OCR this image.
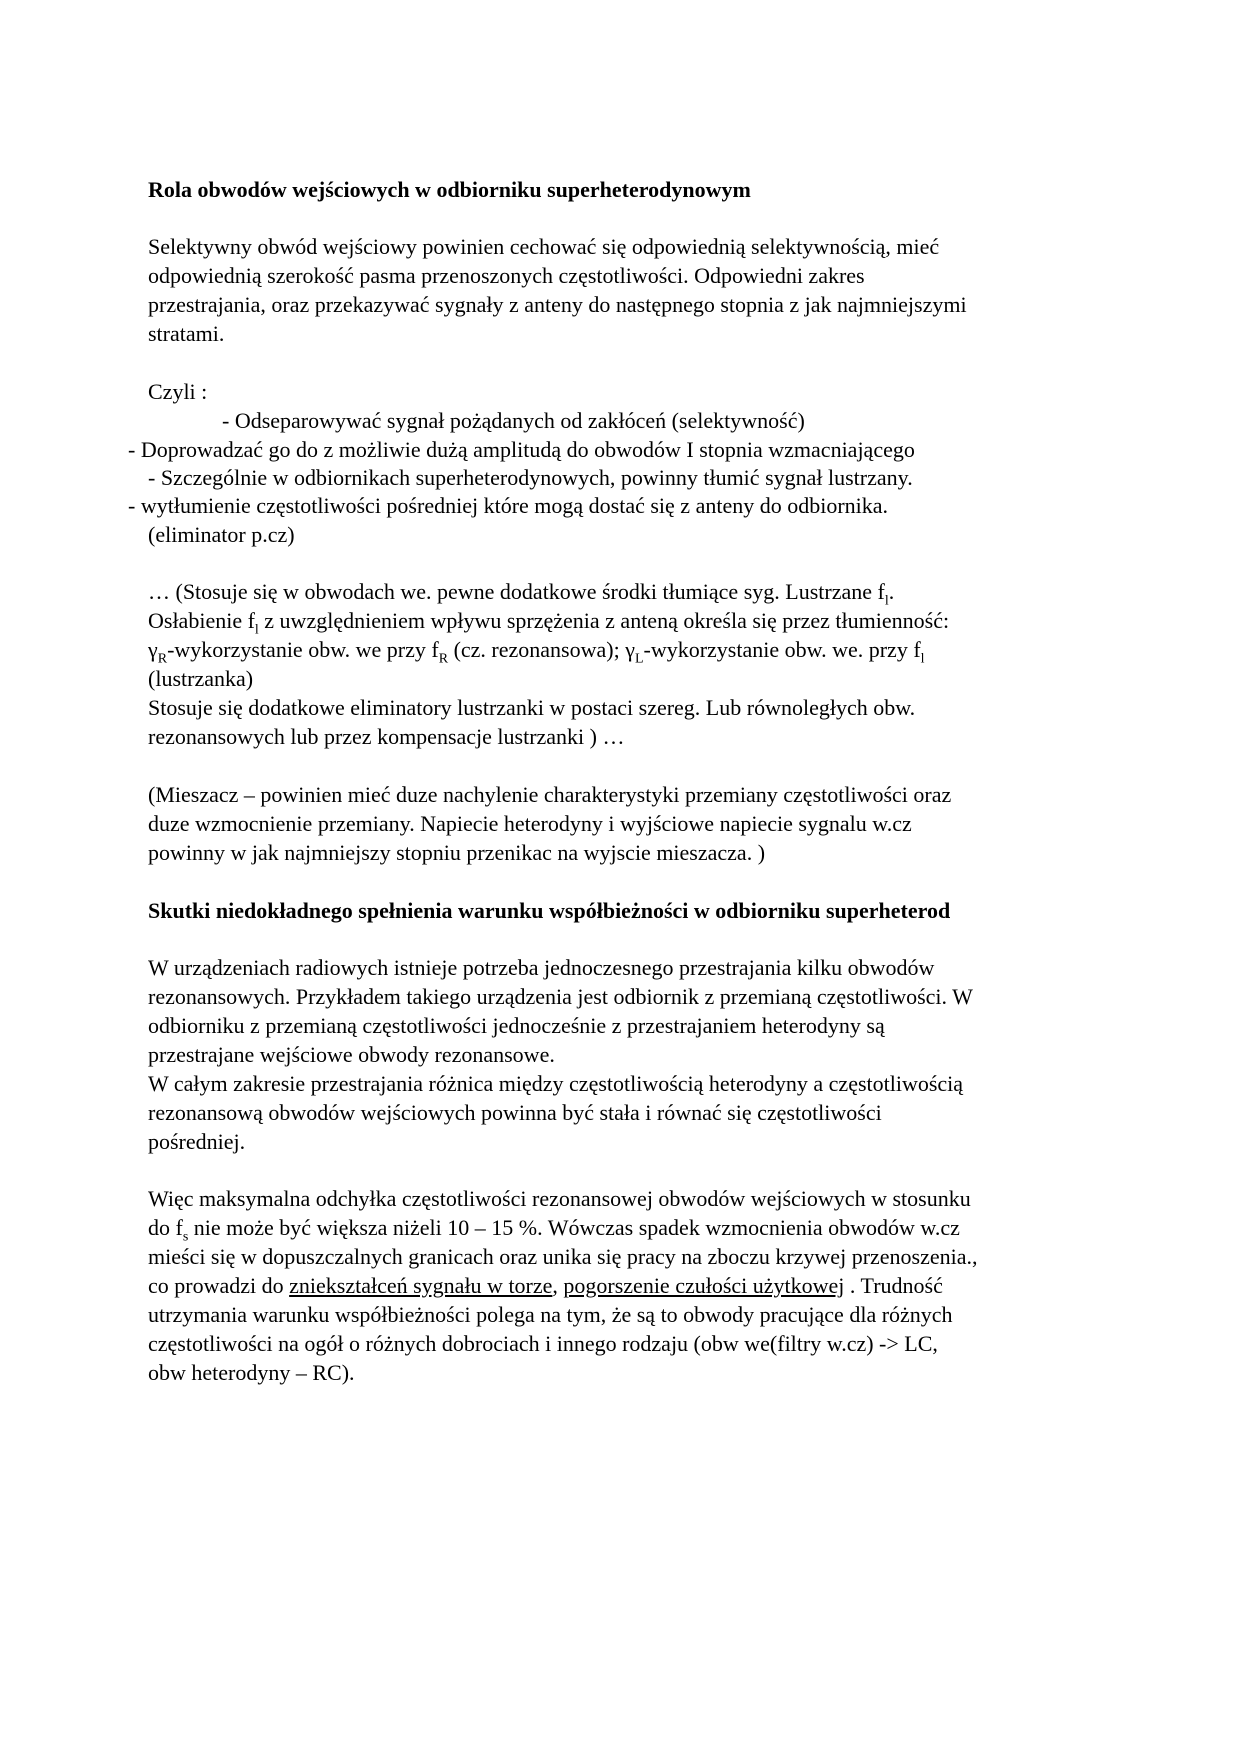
Rola obwodów wejściowych w odbiorniku superheterodynowym
Selektywny obwód wejściowy powinien cechować się odpowiednią selektywnością, mieć
odpowiednią szerokość pasma przenoszonych częstotliwości. Odpowiedni zakres
przestrajania, oraz przekazywać sygnały z anteny do następnego stopnia z jak najmniejszymi
stratami.
Czyli :
- Odseparowywać sygnał pożądanych od zakłóceń (selektywność)
- Doprowadzać go do z możliwie dużą amplitudą do obwodów I stopnia wzmacniającego
- Szczególnie w odbiornikach superheterodynowych, powinny tłumić sygnał lustrzany.
- wytłumienie częstotliwości pośredniej które mogą dostać się z anteny do odbiornika.
(eliminator p.cz)
… (Stosuje się w obwodach we. pewne dodatkowe środki tłumiące syg. Lustrzane $f_l$.
Osłabienie $f_l$ z uwzględnieniem wpływu sprzężenia z anteną określa się przez tłumienność:
$\gamma_R$-wykorzystanie obw. we przy $f_R$ (cz. rezonansowa); $\gamma_L$-wykorzystanie obw. we. przy $f_l$
(lustrzanka)
Stosuje się dodatkowe eliminatory lustrzanki w postaci szereg. Lub równoległych obw.
rezonansowych lub przez kompensacje lustrzanki ) …
(Mieszacz – powinien mieć duze nachylenie charakterystyki przemiany częstotliwości oraz
duze wzmocnienie przemiany. Napiecie heterodyny i wyjściowe napiecie sygnalu w.cz
powinny w jak najmniejszy stopniu przenikac na wyjscie mieszacza. )
Skutki niedokładnego spełnienia warunku współbieżności w odbiorniku superheterod
W urządzeniach radiowych istnieje potrzeba jednoczesnego przestrajania kilku obwodów
rezonansowych. Przykładem takiego urządzenia jest odbiornik z przemianą częstotliwości. W
odbiorniku z przemianą częstotliwości jednocześnie z przestrajaniem heterodyny są
przestrajane wejściowe obwody rezonansowe.
W całym zakresie przestrajania różnica między częstotliwością heterodyny a częstotliwością
rezonansową obwodów wejściowych powinna być stała i równać się częstotliwości
pośredniej.
Więc maksymalna odchyłka częstotliwości rezonansowej obwodów wejściowych w stosunku
do $f_s$ nie może być większa niżeli 10 – 15 %. Wówczas spadek wzmocnienia obwodów w.cz
mieści się w dopuszczalnych granicach oraz unika się pracy na zboczu krzywej przenoszenia.,
co prowadzi do zniekształceń sygnału w torze, pogorszenie czułości użytkowej . Trudność
utrzymania warunku współbieżności polega na tym, że są to obwody pracujące dla różnych
częstotliwości na ogół o różnych dobrociach i innego rodzaju (obw we(filtry w.cz) -> LC,
obw heterodyny – RC).
